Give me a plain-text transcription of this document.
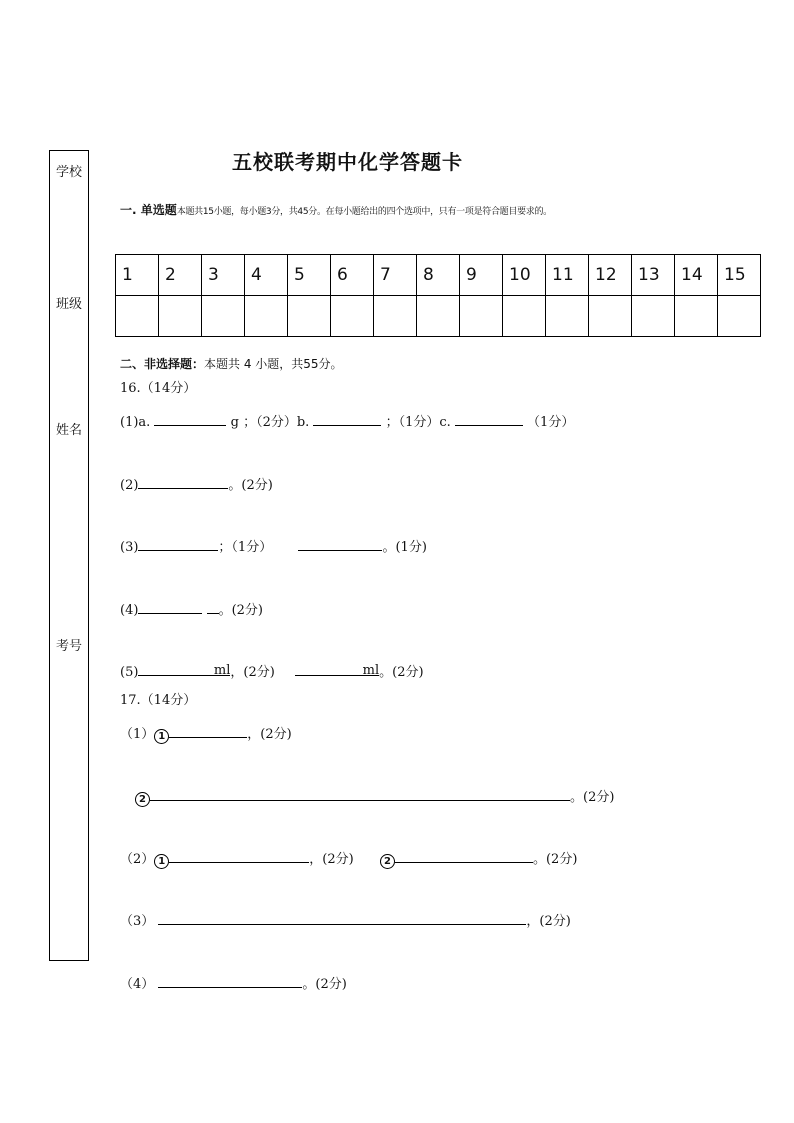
学校
班级
姓名
考号
五校联考期中化学答题卡
一. 单选题本题共15小题，每小题3分，共45分。在每小题给出的四个选项中，只有一项是符合题目要求的。
1	2	3	4	5	6	7	8	9	10	11	12	13	14	15

二、非选择题：本题共 4 小题，共55分。
16.（14分）
(1)a.	g ；（2分）b.	；（1分）c.	（1分）
(2)	。(2分)
(3)	；（1分）	。(1分)
(4)	。(2分)
(5)	ml ，(2分)	ml 。(2分)
17.（14分）
（1） 1	，(2分)
2	。(2分)
（2） 1	，(2分)	2	。(2分)
（3）	，(2分)
（4）	。(2分)
